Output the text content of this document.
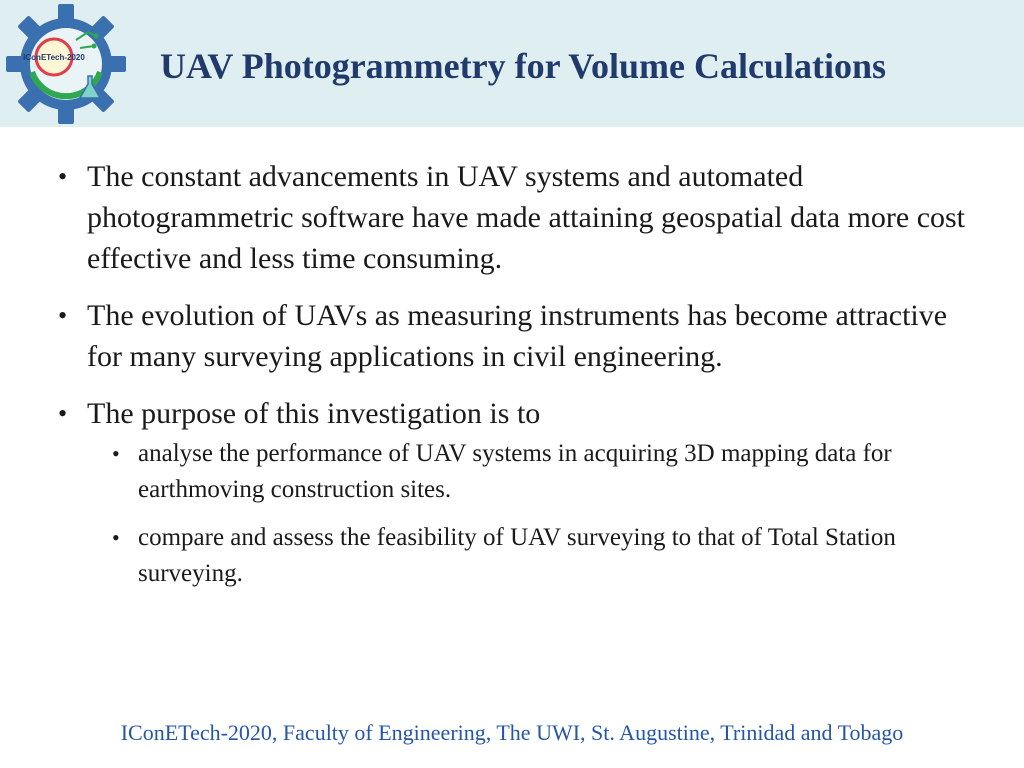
IConETech-2020 UAV Photogrammetry for Volume Calculations
• The constant advancements in UAV systems and automated photogrammetric software have made attaining geospatial data more cost effective and less time consuming.
• The evolution of UAVs as measuring instruments has become attractive for many surveying applications in civil engineering.
• The purpose of this investigation is to
• analyse the performance of UAV systems in acquiring 3D mapping data for earthmoving construction sites.
• compare and assess the feasibility of UAV surveying to that of Total Station surveying.
IConETech-2020, Faculty of Engineering, The UWI, St. Augustine, Trinidad and Tobago
